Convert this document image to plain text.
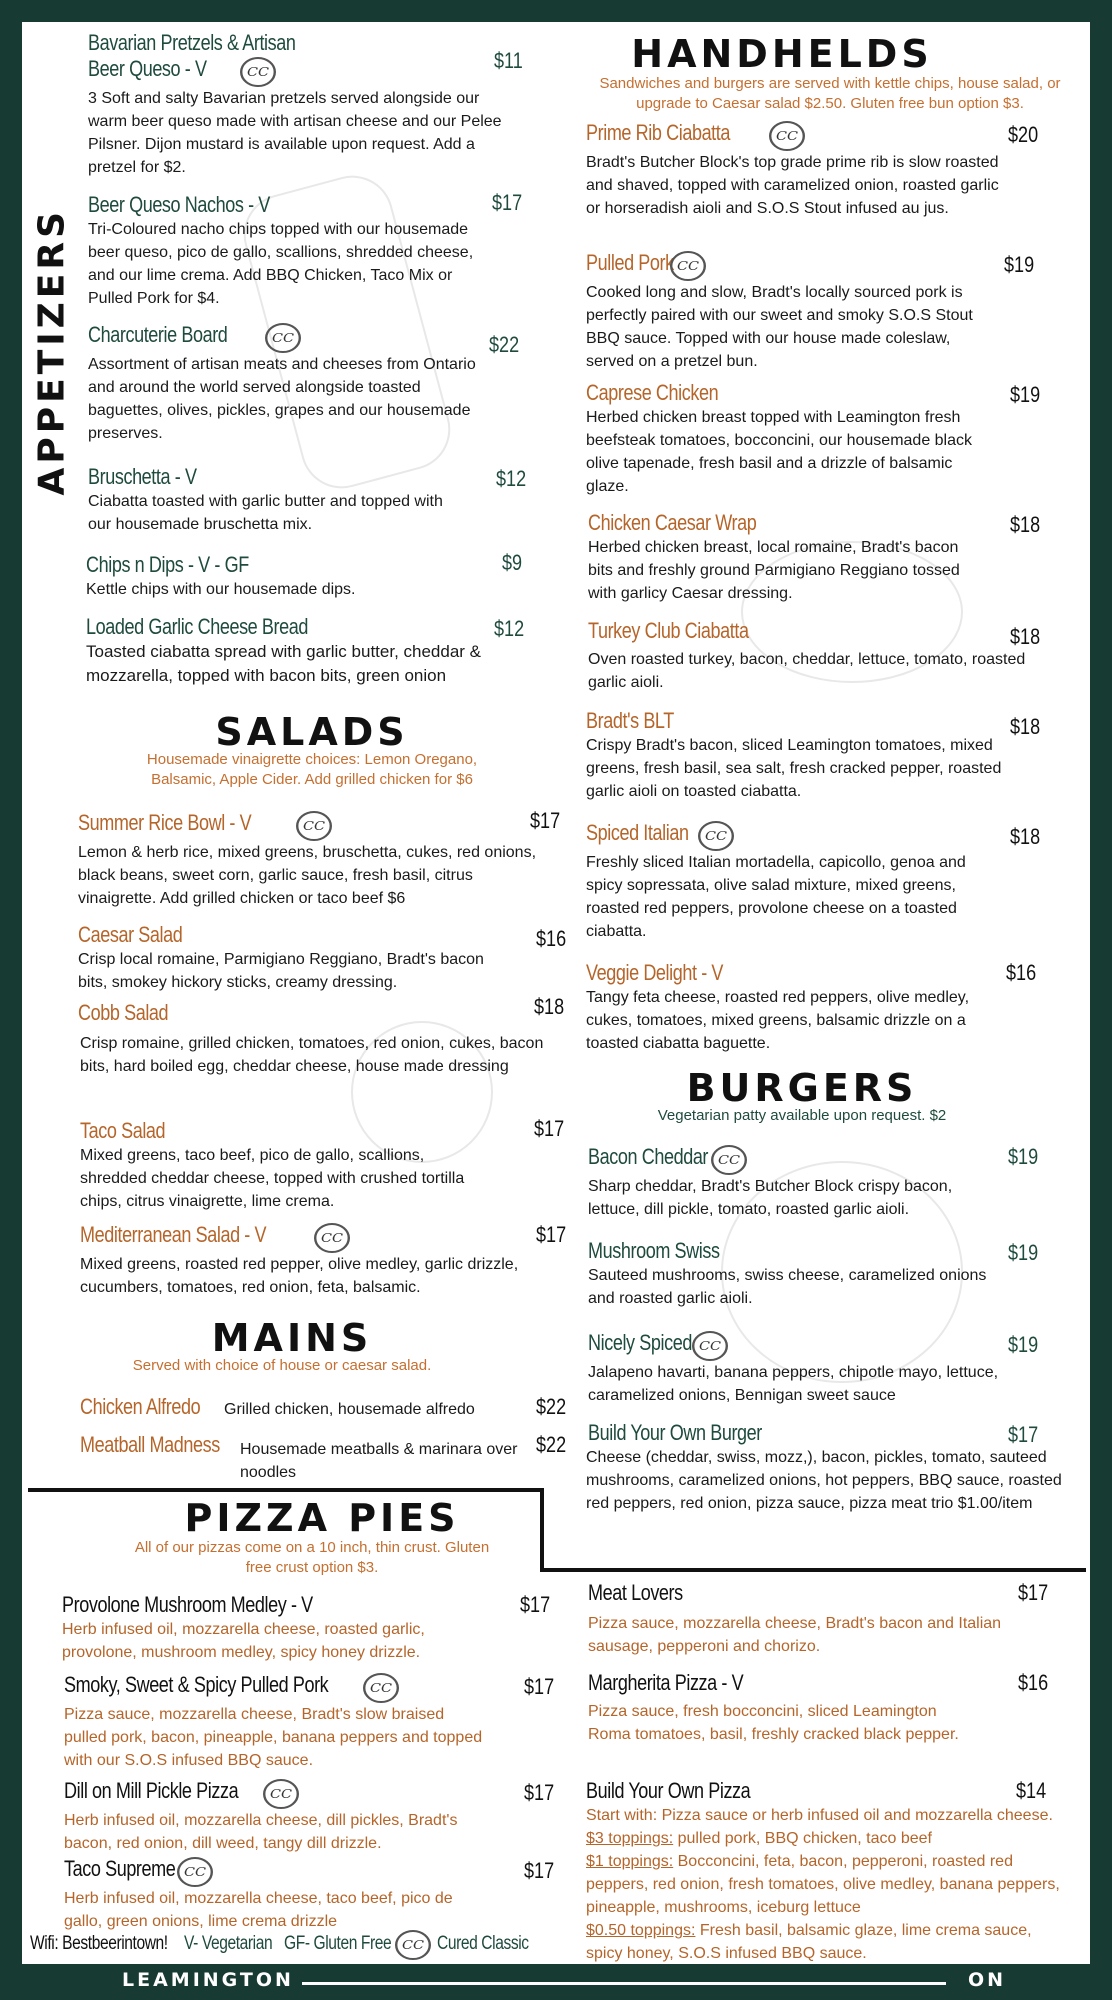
APPETIZERS
Bavarian Pretzels & Artisan
Beer Queso - V	CC

3 Soft and salty Bavarian pretzels served alongside our warm beer queso made with artisan cheese and our Pelee Pilsner. Dijon mustard is available upon request. Add a pretzel for $2.

$11
Beer Queso Nachos - V

Tri-Coloured nacho chips topped with our housemade beer queso, pico de gallo, scallions, shredded cheese, and our lime crema. Add BBQ Chicken, Taco Mix or Pulled Pork for $4.

$17
Charcuterie Board	CC

Assortment of artisan meats and cheeses from Ontario and around the world served alongside toasted baguettes, olives, pickles, grapes and our housemade preserves.

$22
Bruschetta - V

Ciabatta toasted with garlic butter and topped with our housemade bruschetta mix.

$12
Chips n Dips - V - GF

Kettle chips with our housemade dips.

$9
Loaded Garlic Cheese Bread

Toasted ciabatta spread with garlic butter, cheddar & mozzarella, topped with bacon bits, green onion

$12
SALADS
Housemade vinaigrette choices: Lemon Oregano, Balsamic, Apple Cider. Add grilled chicken for $6
Summer Rice Bowl - V	CC

Lemon & herb rice, mixed greens, bruschetta, cukes, red onions, black beans, sweet corn, garlic sauce, fresh basil, citrus vinaigrette. Add grilled chicken or taco beef $6

$17
Caesar Salad

Crisp local romaine, Parmigiano Reggiano, Bradt's bacon bits, smokey hickory sticks, creamy dressing.

$16
Cobb Salad

Crisp romaine, grilled chicken, tomatoes, red onion, cukes, bacon bits, hard boiled egg, cheddar cheese, house made dressing

$18
Taco Salad

Mixed greens, taco beef, pico de gallo, scallions, shredded cheddar cheese, topped with crushed tortilla chips, citrus vinaigrette, lime crema.

$17
Mediterranean Salad - V	CC

Mixed greens, roasted red pepper, olive medley, garlic drizzle, cucumbers, tomatoes, red onion, feta, balsamic.

$17
MAINS
Served with choice of house or caesar salad.
Chicken Alfredo Grilled chicken, housemade alfredo	$22
Meatball Madness Housemade meatballs & marinara over noodles
$22
PIZZA PIES
All of our pizzas come on a 10 inch, thin crust. Gluten free crust option $3.
Provolone Mushroom Medley - V

Herb infused oil, mozzarella cheese, roasted garlic, provolone, mushroom medley, spicy honey drizzle.

$17
Smoky, Sweet & Spicy Pulled Pork	CC

Pizza sauce, mozzarella cheese, Bradt's slow braised pulled pork, bacon, pineapple, banana peppers and topped with our S.O.S infused BBQ sauce.

$17
Dill on Mill Pickle Pizza	CC

Herb infused oil, mozzarella cheese, dill pickles, Bradt's bacon, red onion, dill weed, tangy dill drizzle.

$17
Taco Supreme CC

Herb infused oil, mozzarella cheese, taco beef, pico de gallo, green onions, lime crema drizzle

$17
Wifi: Bestbeerintown! V- Vegetarian GF- Gluten Free CC Cured Classic
HANDHELDS
Sandwiches and burgers are served with kettle chips, house salad, or upgrade to Caesar salad $2.50. Gluten free bun option $3.
Prime Rib Ciabatta	CC

Bradt's Butcher Block's top grade prime rib is slow roasted and shaved, topped with caramelized onion, roasted garlic or horseradish aioli and S.O.S Stout infused au jus.

$20
Pulled Pork CC

Cooked long and slow, Bradt's locally sourced pork is perfectly paired with our sweet and smoky S.O.S Stout BBQ sauce. Topped with our house made coleslaw, served on a pretzel bun.

$19
Caprese Chicken

Herbed chicken breast topped with Leamington fresh beefsteak tomatoes, bocconcini, our housemade black olive tapenade, fresh basil and a drizzle of balsamic glaze.

$19
Chicken Caesar Wrap

Herbed chicken breast, local romaine, Bradt's bacon bits and freshly ground Parmigiano Reggiano tossed with garlicy Caesar dressing.

$18
Turkey Club Ciabatta

Oven roasted turkey, bacon, cheddar, lettuce, tomato, roasted garlic aioli.

$18
Bradt's BLT

Crispy Bradt's bacon, sliced Leamington tomatoes, mixed greens, fresh basil, sea salt, fresh cracked pepper, roasted garlic aioli on toasted ciabatta.

$18
Spiced Italian CC

Freshly sliced Italian mortadella, capicollo, genoa and spicy sopressata, olive salad mixture, mixed greens, roasted red peppers, provolone cheese on a toasted ciabatta.

$18
Veggie Delight - V

Tangy feta cheese, roasted red peppers, olive medley, cukes, tomatoes, mixed greens, balsamic drizzle on a toasted ciabatta baguette.

$16
BURGERS
Vegetarian patty available upon request. $2
Bacon Cheddar CC

Sharp cheddar, Bradt's Butcher Block crispy bacon, lettuce, dill pickle, tomato, roasted garlic aioli.

$19
Mushroom Swiss

Sauteed mushrooms, swiss cheese, caramelized onions and roasted garlic aioli.

$19
Nicely Spiced CC

Jalapeno havarti, banana peppers, chipotle mayo, lettuce, caramelized onions, Bennigan sweet sauce

$19
Build Your Own Burger

Cheese (cheddar, swiss, mozz,), bacon, pickles, tomato, sauteed mushrooms, caramelized onions, hot peppers, BBQ sauce, roasted red peppers, red onion, pizza sauce, pizza meat trio $1.00/item

$17
Meat Lovers

Pizza sauce, mozzarella cheese, Bradt's bacon and Italian sausage, pepperoni and chorizo.

$17
Margherita Pizza - V

Pizza sauce, fresh bocconcini, sliced Leamington Roma tomatoes, basil, freshly cracked black pepper.

$16
Build Your Own Pizza

Start with: Pizza sauce or herb infused oil and mozzarella cheese.
$3 toppings: pulled pork, BBQ chicken, taco beef
$1 toppings: Bocconcini, feta, bacon, pepperoni, roasted red peppers, red onion, fresh tomatoes, olive medley, banana peppers, pineapple, mushrooms, iceburg lettuce
$0.50 toppings: Fresh basil, balsamic glaze, lime crema sauce, spicy honey, S.O.S infused BBQ sauce.

$14
LEAMINGTON	ON
